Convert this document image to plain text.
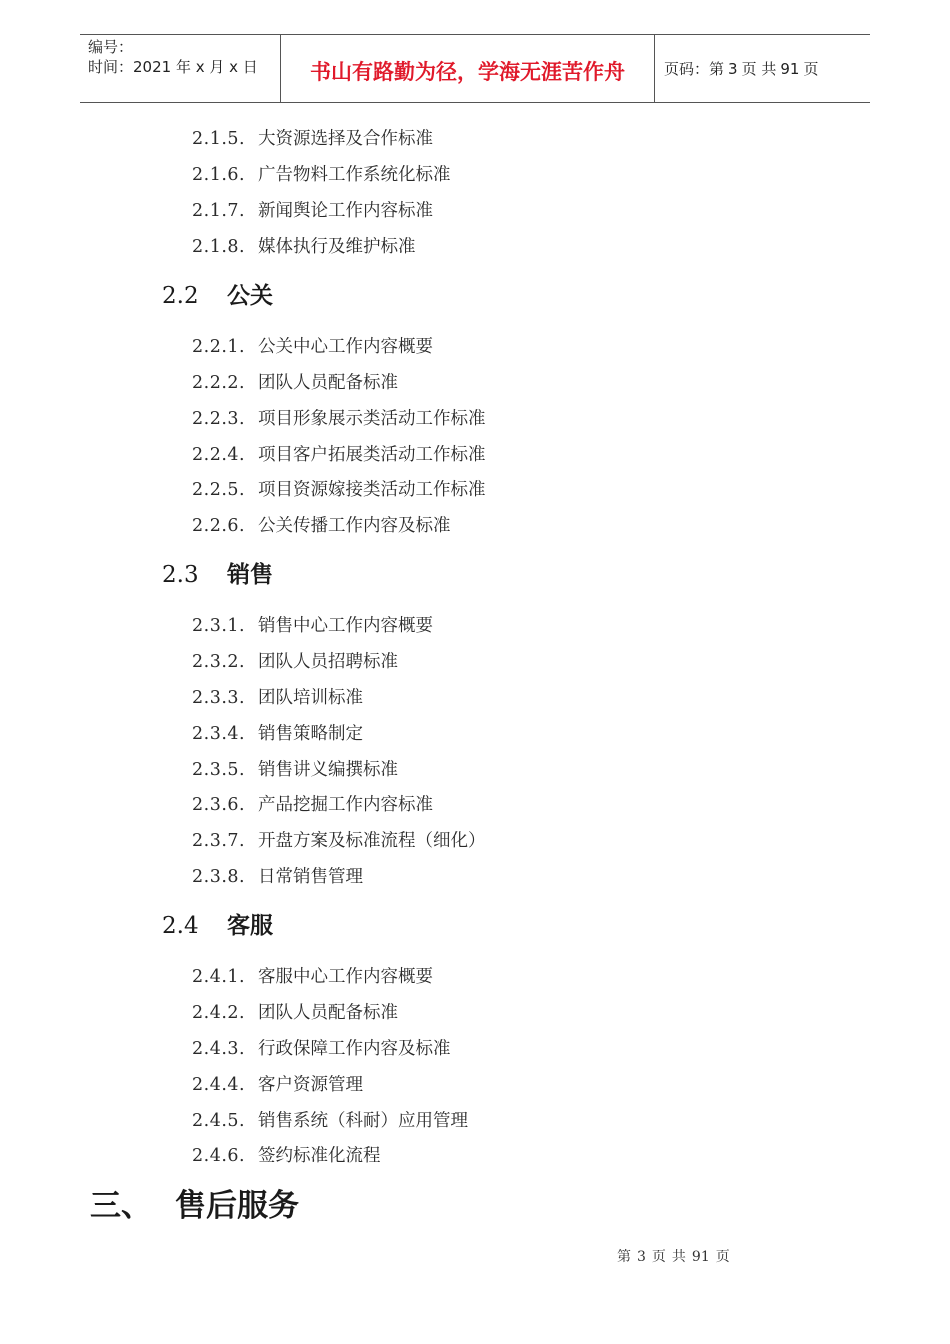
编号：
时间：2021 年 x 月 x 日	书山有路勤为径，学海无涯苦作舟	页码：第 3 页 共 91 页
2.1.5. 大资源选择及合作标准
2.1.6. 广告物料工作系统化标准
2.1.7. 新闻舆论工作内容标准
2.1.8. 媒体执行及维护标准
2.2 公关
2.2.1. 公关中心工作内容概要
2.2.2. 团队人员配备标准
2.2.3. 项目形象展示类活动工作标准
2.2.4. 项目客户拓展类活动工作标准
2.2.5. 项目资源嫁接类活动工作标准
2.2.6. 公关传播工作内容及标准
2.3 销售
2.3.1. 销售中心工作内容概要
2.3.2. 团队人员招聘标准
2.3.3. 团队培训标准
2.3.4. 销售策略制定
2.3.5. 销售讲义编撰标准
2.3.6. 产品挖掘工作内容标准
2.3.7. 开盘方案及标准流程（细化）
2.3.8. 日常销售管理
2.4 客服
2.4.1. 客服中心工作内容概要
2.4.2. 团队人员配备标准
2.4.3. 行政保障工作内容及标准
2.4.4. 客户资源管理
2.4.5. 销售系统（科耐）应用管理
2.4.6. 签约标准化流程
三、 售后服务
第 3 页 共 91 页
